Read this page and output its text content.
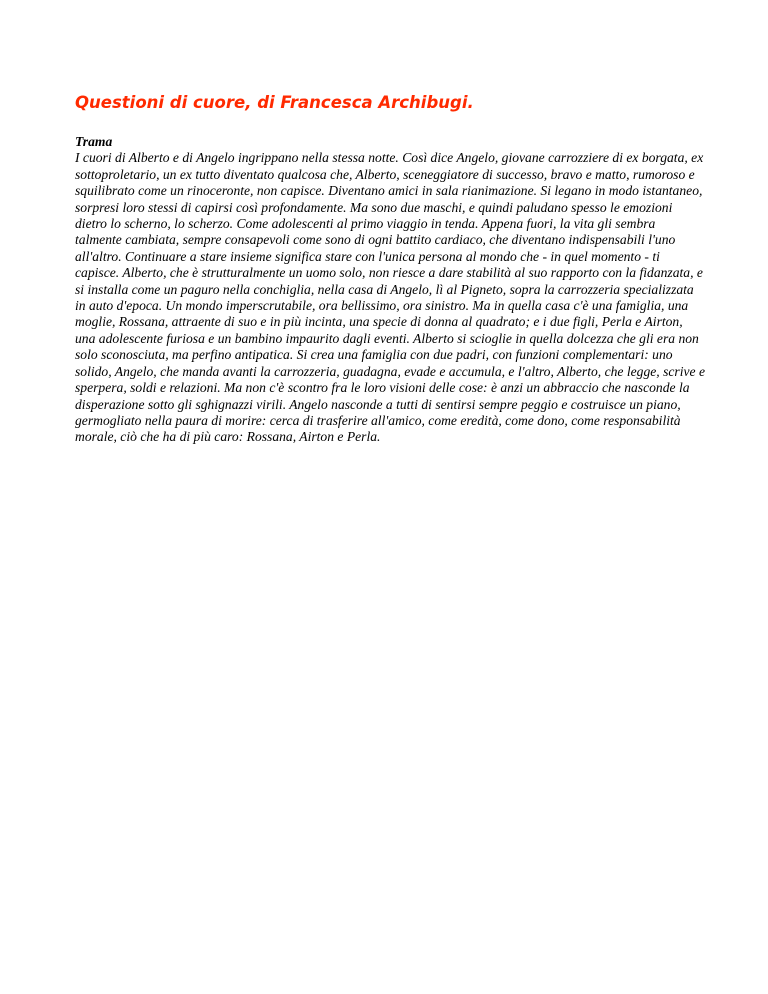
Questioni di cuore, di Francesca Archibugi.
Trama

I cuori di Alberto e di Angelo ingrippano nella stessa notte. Così dice Angelo, giovane carrozziere di ex borgata, ex sottoproletario, un ex tutto diventato qualcosa che, Alberto, sceneggiatore di successo, bravo e matto, rumoroso e squilibrato come un rinoceronte, non capisce. Diventano amici in sala rianimazione. Si legano in modo istantaneo, sorpresi loro stessi di capirsi così profondamente. Ma sono due maschi, e quindi paludano spesso le emozioni dietro lo scherno, lo scherzo. Come adolescenti al primo viaggio in tenda. Appena fuori, la vita gli sembra talmente cambiata, sempre consapevoli come sono di ogni battito cardiaco, che diventano indispensabili l'uno all'altro. Continuare a stare insieme significa stare con l'unica persona al mondo che - in quel momento - ti capisce. Alberto, che è strutturalmente un uomo solo, non riesce a dare stabilità al suo rapporto con la fidanzata, e si installa come un paguro nella conchiglia, nella casa di Angelo, lì al Pigneto, sopra la carrozzeria specializzata in auto d'epoca. Un mondo imperscrutabile, ora bellissimo, ora sinistro. Ma in quella casa c'è una famiglia, una moglie, Rossana, attraente di suo e in più incinta, una specie di donna al quadrato; e i due figli, Perla e Airton, una adolescente furiosa e un bambino impaurito dagli eventi. Alberto si scioglie in quella dolcezza che gli era non solo sconosciuta, ma perfino antipatica. Si crea una famiglia con due padri, con funzioni complementari: uno solido, Angelo, che manda avanti la carrozzeria, guadagna, evade e accumula, e l'altro, Alberto, che legge, scrive e sperpera, soldi e relazioni. Ma non c'è scontro fra le loro visioni delle cose: è anzi un abbraccio che nasconde la disperazione sotto gli sghignazzi virili. Angelo nasconde a tutti di sentirsi sempre peggio e costruisce un piano, germogliato nella paura di morire: cerca di trasferire all'amico, come eredità, come dono, come responsabilità morale, ciò che ha di più caro: Rossana, Airton e Perla.
